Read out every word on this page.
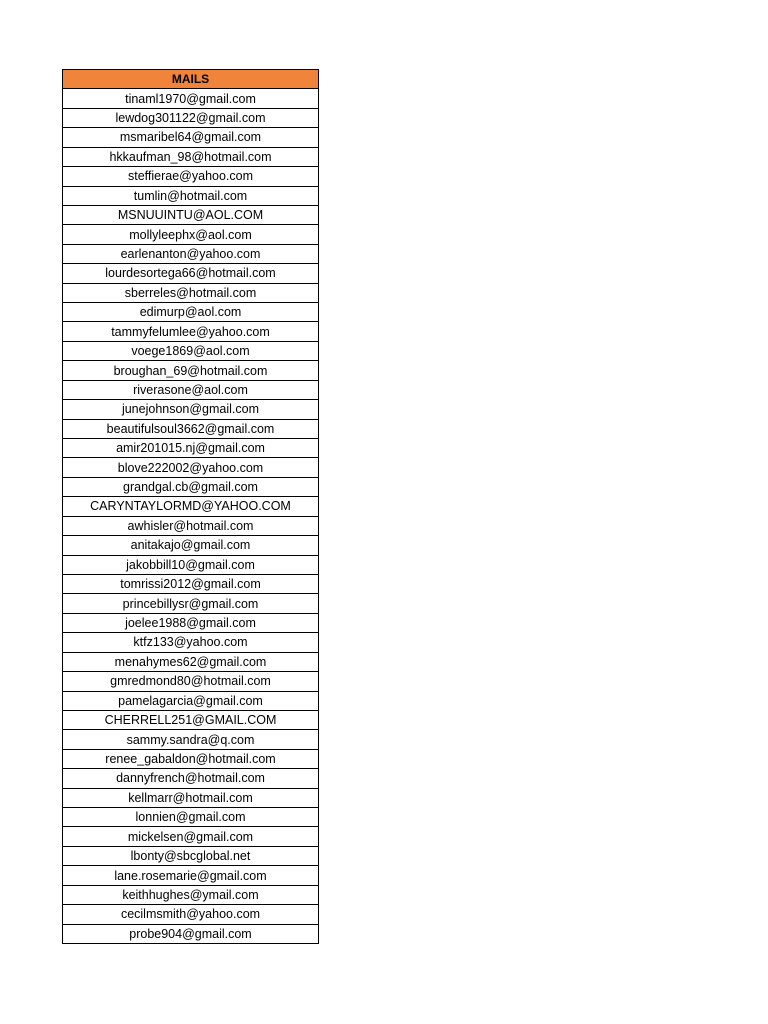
MAILS
tinaml1970@gmail.com
lewdog301122@gmail.com
msmaribel64@gmail.com
hkkaufman_98@hotmail.com
steffierae@yahoo.com
tumlin@hotmail.com
MSNUUINTU@AOL.COM
mollyleephx@aol.com
earlenanton@yahoo.com
lourdesortega66@hotmail.com
sberreles@hotmail.com
edimurp@aol.com
tammyfelumlee@yahoo.com
voege1869@aol.com
broughan_69@hotmail.com
riverasone@aol.com
junejohnson@gmail.com
beautifulsoul3662@gmail.com
amir201015.nj@gmail.com
blove222002@yahoo.com
grandgal.cb@gmail.com
CARYNTAYLORMD@YAHOO.COM
awhisler@hotmail.com
anitakajo@gmail.com
jakobbill10@gmail.com
tomrissi2012@gmail.com
princebillysr@gmail.com
joelee1988@gmail.com
ktfz133@yahoo.com
menahymes62@gmail.com
gmredmond80@hotmail.com
pamelagarcia@gmail.com
CHERRELL251@GMAIL.COM
sammy.sandra@q.com
renee_gabaldon@hotmail.com
dannyfrench@hotmail.com
kellmarr@hotmail.com
lonnien@gmail.com
mickelsen@gmail.com
lbonty@sbcglobal.net
lane.rosemarie@gmail.com
keithhughes@ymail.com
cecilmsmith@yahoo.com
probe904@gmail.com
